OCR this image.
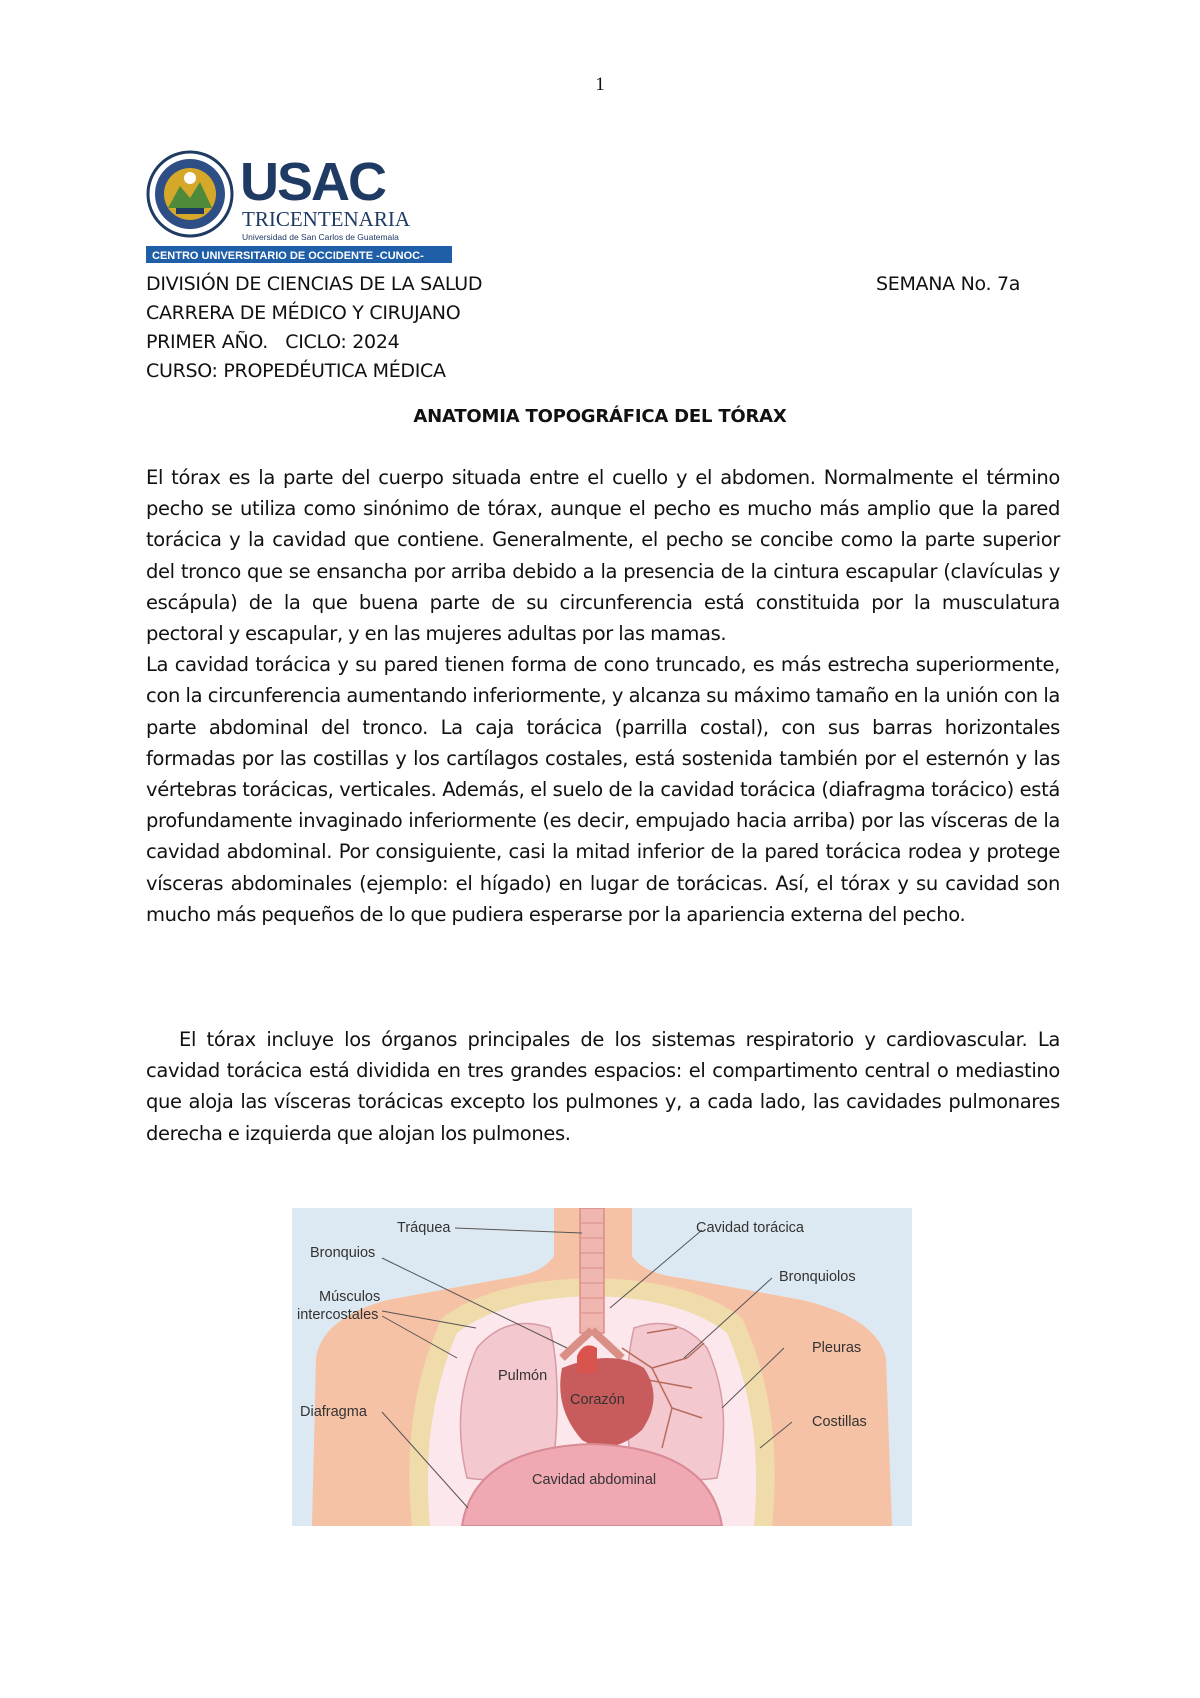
1
USAC
TRICENTENARIA
Universidad de San Carlos de Guatemala
CENTRO UNIVERSITARIO DE OCCIDENTE -CUNOC-
DIVISIÓN DE CIENCIAS DE LA SALUD	SEMANA No. 7a
CARRERA DE MÉDICO Y CIRUJANO
PRIMER AÑO.   CICLO: 2024
CURSO: PROPEDÉUTICA MÉDICA
ANATOMIA TOPOGRÁFICA DEL TÓRAX

El tórax es la parte del cuerpo situada entre el cuello y el abdomen. Normalmente el término pecho se utiliza como sinónimo de tórax, aunque el pecho es mucho más amplio que la pared torácica y la cavidad que contiene. Generalmente, el pecho se concibe como la parte superior del tronco que se ensancha por arriba debido a la presencia de la cintura escapular (clavículas y escápula) de la que buena parte de su circunferencia está constituida por la musculatura pectoral y escapular, y en las mujeres adultas por las mamas.

La cavidad torácica y su pared tienen forma de cono truncado, es más estrecha superiormente, con la circunferencia aumentando inferiormente, y alcanza su máximo tamaño en la unión con la parte abdominal del tronco. La caja torácica (parrilla costal), con sus barras horizontales formadas por las costillas y los cartílagos costales, está sostenida también por el esternón y las vértebras torácicas, verticales. Además, el suelo de la cavidad torácica (diafragma torácico) está profundamente invaginado inferiormente (es decir, empujado hacia arriba) por las vísceras de la cavidad abdominal. Por consiguiente, casi la mitad inferior de la pared torácica rodea y protege vísceras abdominales (ejemplo: el hígado) en lugar de torácicas. Así, el tórax y su cavidad son mucho más pequeños de lo que pudiera esperarse por la apariencia externa del pecho.

El tórax incluye los órganos principales de los sistemas respiratorio y cardiovascular. La cavidad torácica está dividida en tres grandes espacios: el compartimento central o mediastino que aloja las vísceras torácicas excepto los pulmones y, a cada lado, las cavidades pulmonares derecha e izquierda que alojan los pulmones.

Tráquea
Bronquios
Músculos
intercostales
Diafragma
Pulmón
Corazón
Cavidad abdominal
Cavidad torácica
Bronquiolos
Pleuras
Costillas
